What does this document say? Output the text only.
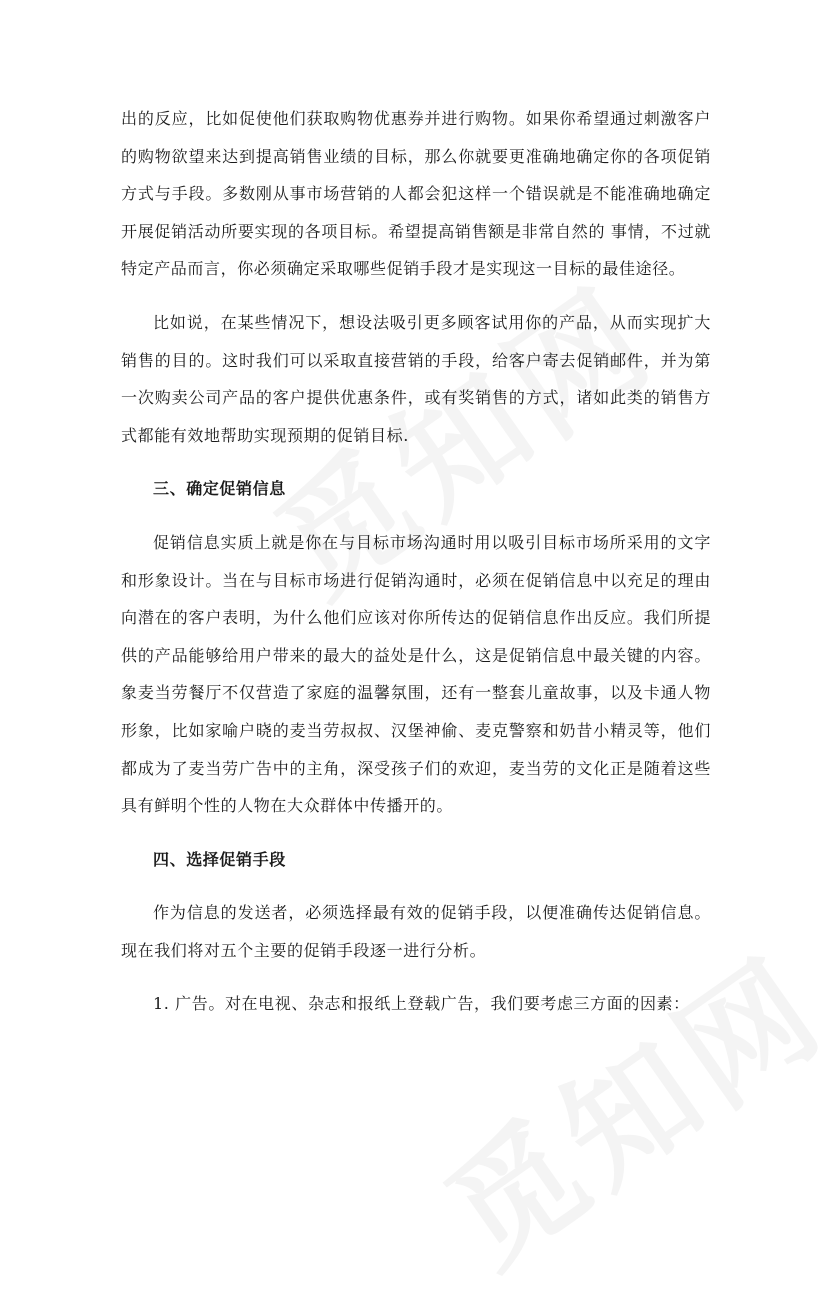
出的反应，比如促使他们获取购物优惠券并进行购物。如果你希望通过刺激客户的购物欲望来达到提高销售业绩的目标，那么你就要更准确地确定你的各项促销方式与手段。多数刚从事市场营销的人都会犯这样一个错误就是不能准确地确定开展促销活动所要实现的各项目标。希望提高销售额是非常自然的 事情，不过就特定产品而言，你必须确定采取哪些促销手段才是实现这一目标的最佳途径。

比如说，在某些情况下，想设法吸引更多顾客试用你的产品，从而实现扩大销售的目的。这时我们可以采取直接营销的手段，给客户寄去促销邮件，并为第一次购卖公司产品的客户提供优惠条件，或有奖销售的方式，诸如此类的销售方式都能有效地帮助实现预期的促销目标.

三、确定促销信息

促销信息实质上就是你在与目标市场沟通时用以吸引目标市场所采用的文字和形象设计。当在与目标市场进行促销沟通时，必须在促销信息中以充足的理由向潜在的客户表明，为什么他们应该对你所传达的促销信息作出反应。我们所提供的产品能够给用户带来的最大的益处是什么，这是促销信息中最关键的内容。象麦当劳餐厅不仅营造了家庭的温馨氛围，还有一整套儿童故事，以及卡通人物形象，比如家喻户晓的麦当劳叔叔、汉堡神偷、麦克警察和奶昔小精灵等，他们都成为了麦当劳广告中的主角，深受孩子们的欢迎，麦当劳的文化正是随着这些具有鲜明个性的人物在大众群体中传播开的。

四、选择促销手段

作为信息的发送者，必须选择最有效的促销手段，以便准确传达促销信息。现在我们将对五个主要的促销手段逐一进行分析。

1. 广告。对在电视、杂志和报纸上登载广告，我们要考虑三方面的因素：
